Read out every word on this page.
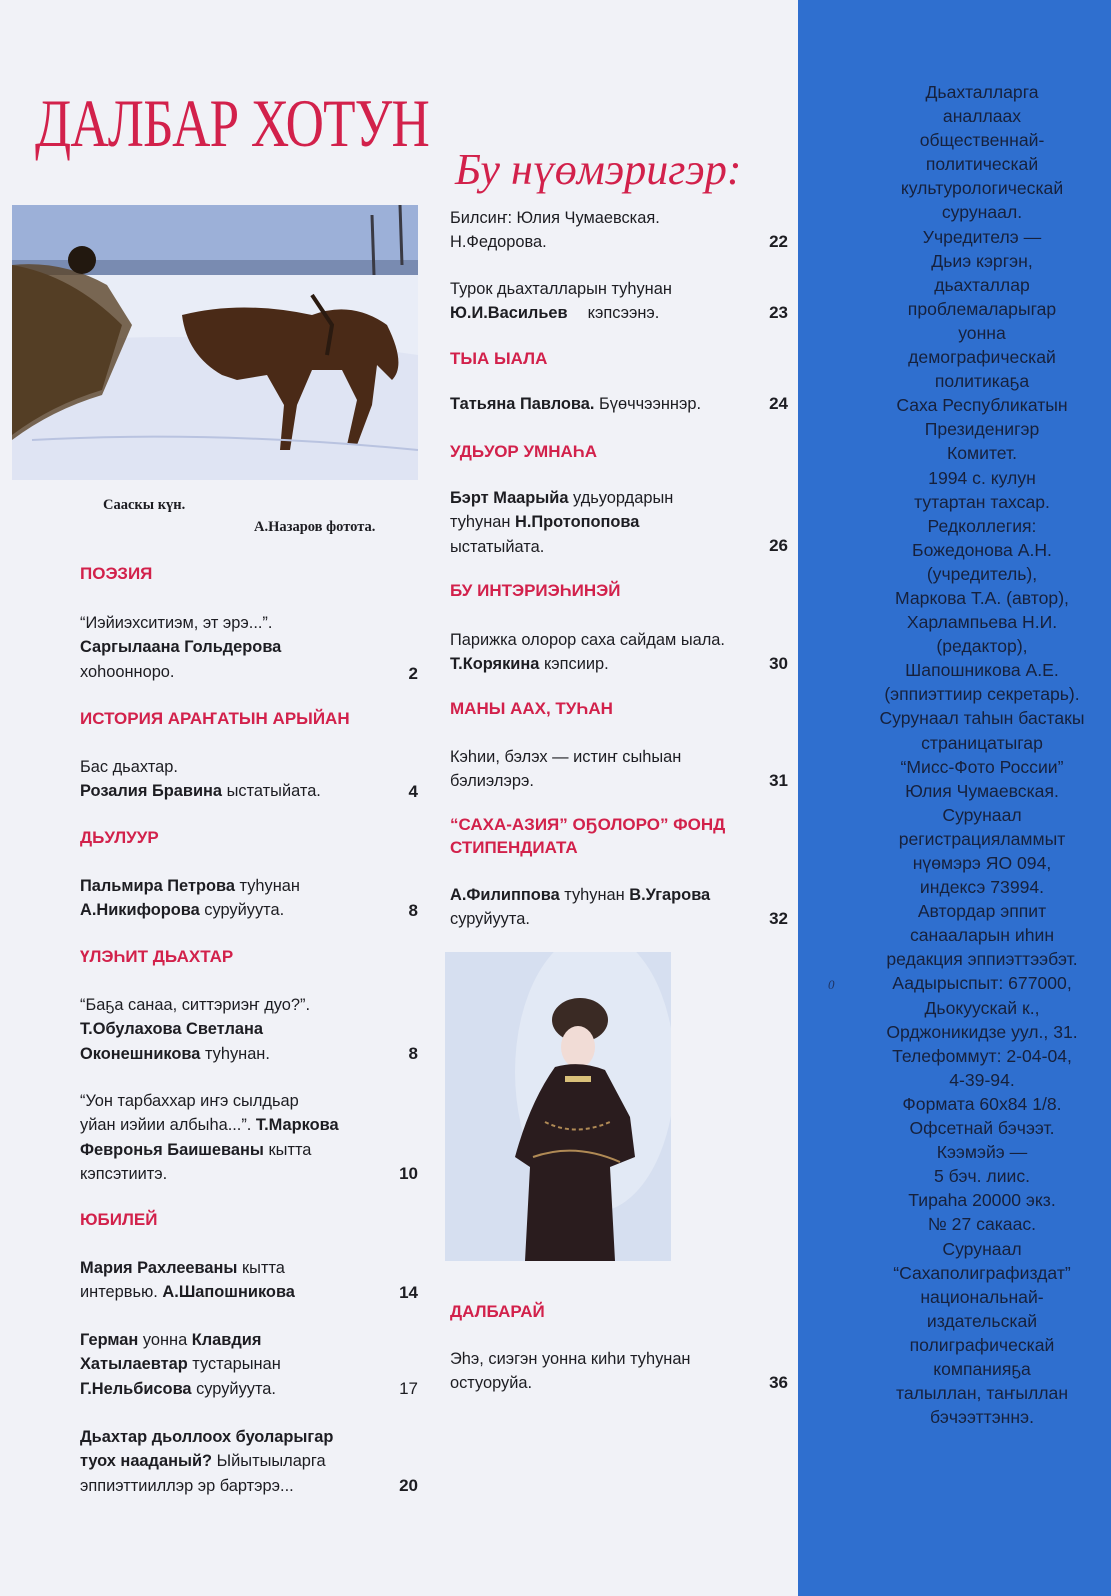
ДАЛБАР ХОТУН
Бу нүөмэригэр:
Сааскы күн.
А.Назаров фотота.
ПОЭЗИЯ
“Иэйиэхситиэм, эт эрэ...”.
Саргылаана Гольдерова
хоһооннoро.	2
ИСТОРИЯ АРАҤАТЫН АРЫЙАН
Бас дьахтар.
Розалия Бравина ыстатыйата.	4
ДЬУЛУУР
Пальмира Петрова туһунан
А.Никифорова суруйуута.	8
ҮЛЭҺИТ ДЬАХТАР
“Баҕа санаа, ситтэриэҥ дуо?”.
Т.Обулахова Светлана
Оконешникова туһунан.	8
“Уон тарбаххар иҥэ сылдьар
уйан иэйии албыһа...”. Т.Маркова
Февронья Баишеваны кытта
кэпсэтиитэ.	10
ЮБИЛЕЙ
Мария Рахлееваны кытта
интервью. А.Шапошникова	14
Герман уонна Клавдия
Хатылаевтар тустарынан
Г.Нельбисова суруйуута.	17
Дьахтар дьоллоох буоларыгар
туох нааданый? Ыйытыыларга
эппиэттииллэр эр бартэрэ...	20
Билсиҥ: Юлия Чумаевская.
Н.Федорова.	22
Турок дьахталларын туһунан
Ю.И.Васильев кэпсээнэ.	23
ТЫА ЫАЛА
Татьяна Павлова. Бүөччээннэр.	24
УДЬУОР УМНАҺА
Бэрт Маарыйа удьуордарын
туһунан Н.Протопопова
ыстатыйата.	26
БУ ИНТЭРИЭҺИНЭЙ
Парижка олорор саха сайдам ыала.
Т.Корякина кэпсиир.	30
МАНЫ ААХ, ТУҺАН
Кэһии, бэлэх — истиҥ сыһыан
бэлиэлэрэ.	31
“САХА-АЗИЯ” ОҔОЛОРО” ФОНД СТИПЕНДИАТА
А.Филиппова туһунан В.Угарова
суруйуута.	32
ДАЛБАРАЙ
Эһэ, сиэгэн уонна киһи туһунан
остуоруйа.	36
Дьахталларга
аналлаах
общественнай-
политическай
культурологическай
сурунаал.
Учредителэ —
Дьиэ кэргэн,
дьахталлар
проблемаларыгар
уонна
демографическай
политикаҕа
Саха Республикатын
Президенигэр
Комитет.
1994 с. кулун
тутартан тахсар.
Редколлегия:
Божедонова А.Н.
(учредитель),
Маркова Т.А. (автор),
Харлампьева Н.И.
(редактор),
Шапошникова А.Е.
(эппиэттиир секретарь).
Сурунаал таһын бастакы
страницатыгар
“Мисс-Фото России”
Юлия Чумаевская.
Сурунаал
регистрацияламмыт
нүөмэрэ ЯО 094,
индексэ 73994.
Автордар эппит
санааларын иһин
редакция эппиэттээбэт.
Аадырыспыт: 677000,
Дьокуускай к.,
Орджоникидзе уул., 31.
Телефоммут: 2-04-04,
4-39-94.
Формата 60x84 1/8.
Офсетнай бэчээт.
Кээмэйэ —
5 бэч. лиис.
Тираһа 20000 экз.
№ 27 сакаас.
Сурунаал
“Сахаполиграфиздат”
национальнай-
издательскай
полиграфическай
компанияҕа
талыллан, таҥыллан
бэчээттэннэ.
0
